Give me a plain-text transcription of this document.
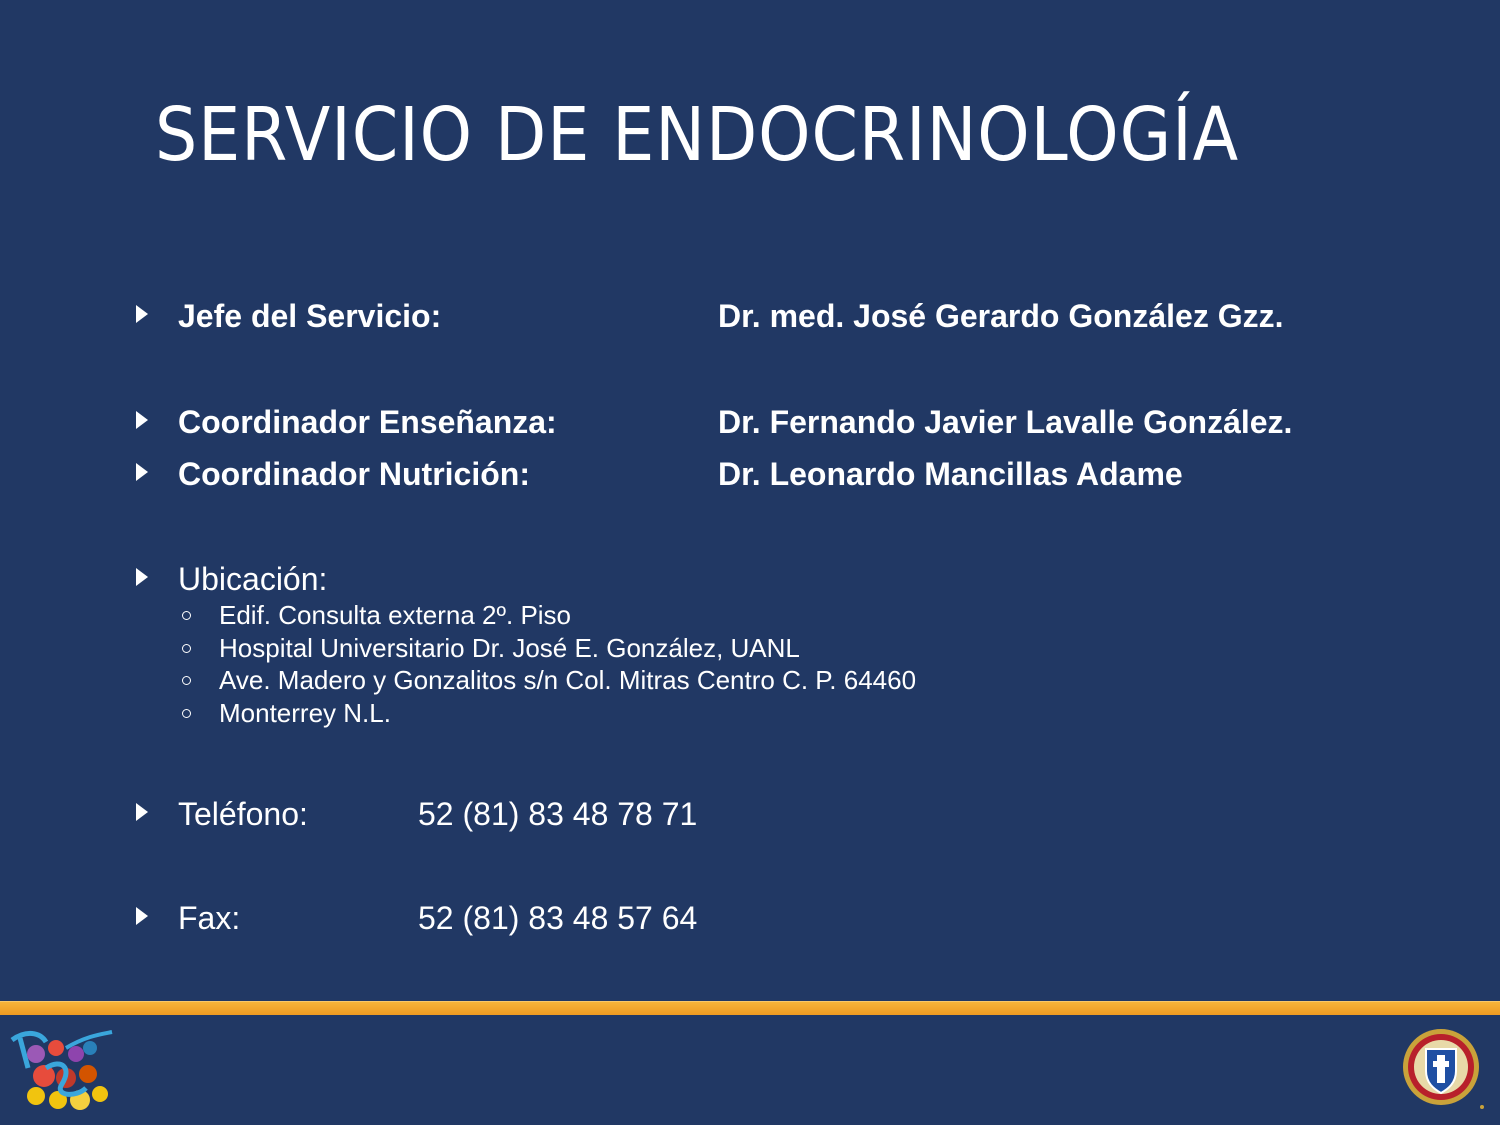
SERVICIO DE ENDOCRINOLOGÍA
Jefe del Servicio:	Dr. med. José Gerardo González Gzz.
Coordinador Enseñanza:	Dr. Fernando Javier Lavalle González.
Coordinador Nutrición:	Dr. Leonardo Mancillas Adame
Ubicación:
Edif. Consulta externa 2º. Piso
Hospital Universitario Dr. José E. González, UANL
Ave. Madero y Gonzalitos s/n Col. Mitras Centro C. P. 64460
Monterrey N.L.
Teléfono:	52 (81) 83 48 78 71
Fax:	52 (81) 83 48 57 64
